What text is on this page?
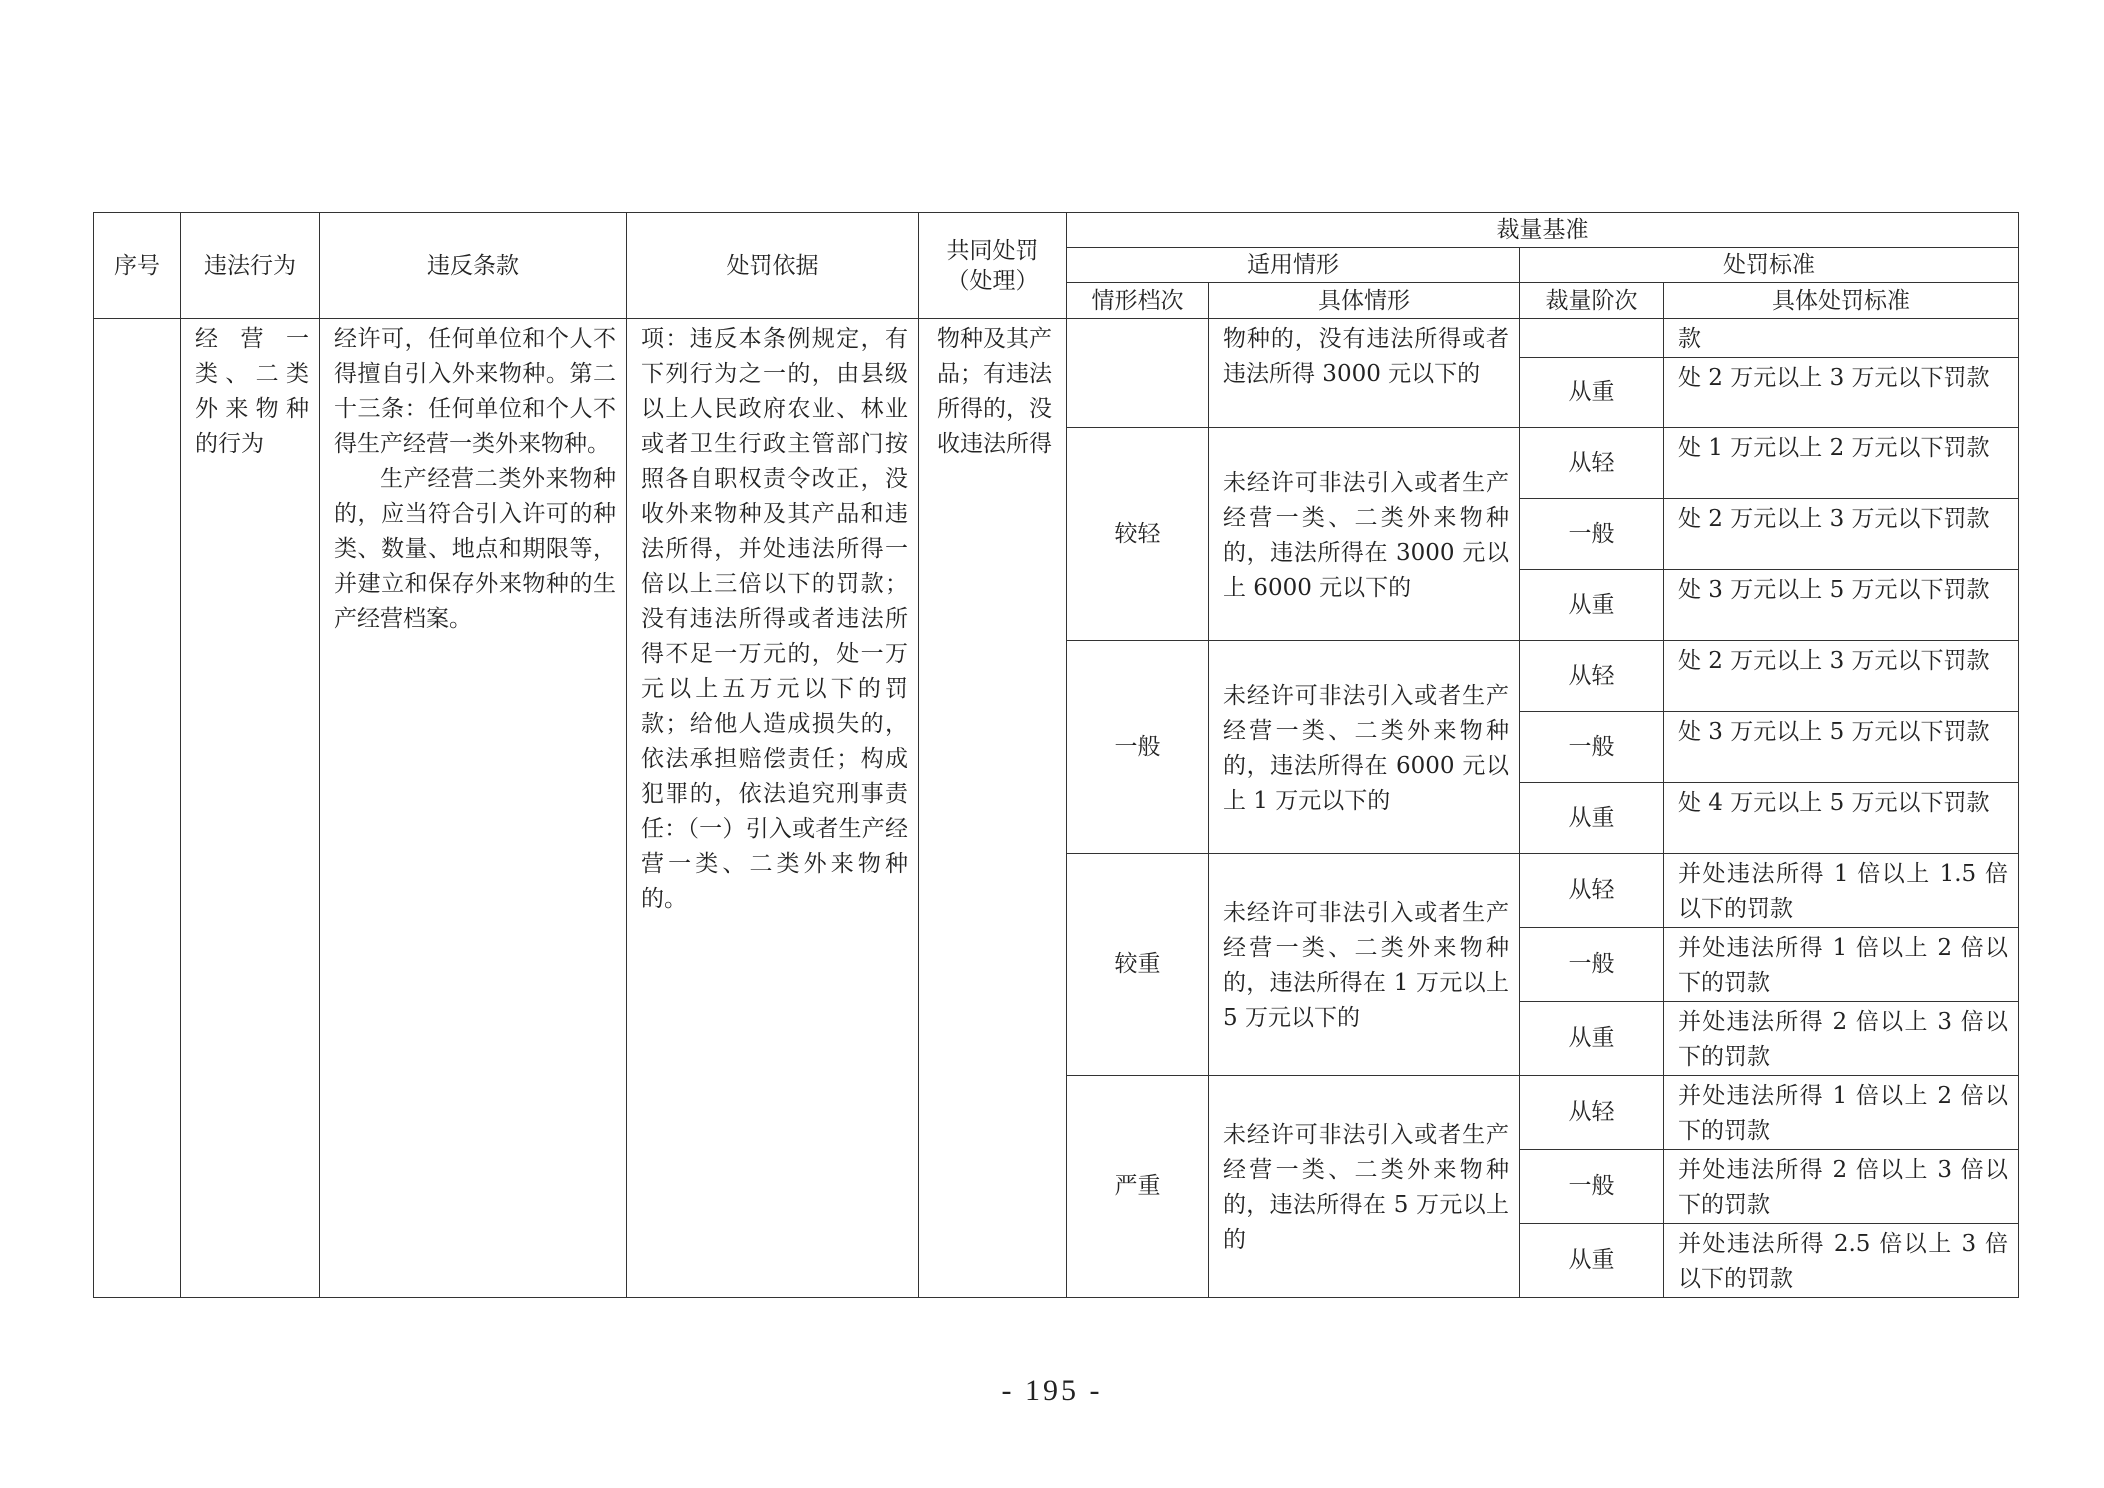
序号	违法行为	违反条款	处罚依据	共同处罚（处理）	裁量基准			
					适用情形		处罚标准	
					情形档次	具体情形	裁量阶次	具体处罚标准

	经营一类、二类外来物种的行为	经许可，任何单位和个人不得擅自引入外来物种。第二十三条：任何单位和个人不得生产经营一类外来物种。
生产经营二类外来物种的，应当符合引入许可的种类、数量、地点和期限等，并建立和保存外来物种的生产经营档案。	项：违反本条例规定，有下列行为之一的，由县级以上人民政府农业、林业或者卫生行政主管部门按照各自职权责令改正，没收外来物种及其产品和违法所得，并处违法所得一倍以上三倍以下的罚款；没有违法所得或者违法所得不足一万元的，处一万元以上五万元以下的罚款；给他人造成损失的，依法承担赔偿责任；构成犯罪的，依法追究刑事责任：（一）引入或者生产经营一类、二类外来物种的。	物种及其产品；有违法所得的，没收违法所得		物种的，没有违法所得或者违法所得 3000 元以下的		款

							从重	处 2 万元以上 3 万元以下罚款

					较轻	未经许可非法引入或者生产经营一类、二类外来物种的，违法所得在 3000 元以上 6000 元以下的	从轻	处 1 万元以上 2 万元以下罚款

							一般	处 2 万元以上 3 万元以下罚款

							从重	处 3 万元以上 5 万元以下罚款

					一般	未经许可非法引入或者生产经营一类、二类外来物种的，违法所得在 6000 元以上 1 万元以下的	从轻	处 2 万元以上 3 万元以下罚款

							一般	处 3 万元以上 5 万元以下罚款

							从重	处 4 万元以上 5 万元以下罚款

					较重	未经许可非法引入或者生产经营一类、二类外来物种的，违法所得在 1 万元以上 5 万元以下的	从轻	并处违法所得 1 倍以上 1.5 倍以下的罚款

							一般	并处违法所得 1 倍以上 2 倍以下的罚款

							从重	并处违法所得 2 倍以上 3 倍以下的罚款

					严重	未经许可非法引入或者生产经营一类、二类外来物种的，违法所得在 5 万元以上的	从轻	并处违法所得 1 倍以上 2 倍以下的罚款

							一般	并处违法所得 2 倍以上 3 倍以下的罚款

							从重	并处违法所得 2.5 倍以上 3 倍以下的罚款
- 195 -
